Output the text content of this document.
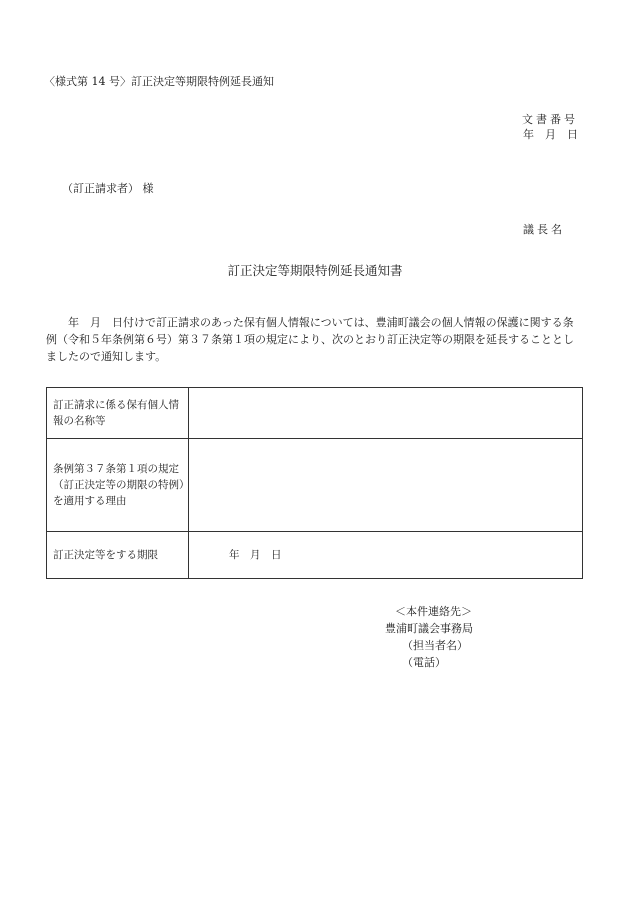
〈様式第 14 号〉訂正決定等期限特例延長通知
文書番号
年　月　日
（訂正請求者） 様
議長名
訂正決定等期限特例延長通知書
年　月　日付けで訂正請求のあった保有個人情報については、豊浦町議会の個人情報の保護に関する条例（令和５年条例第６号）第３７条第１項の規定により、次のとおり訂正決定等の期限を延長することとしましたので通知します。
訂正請求に係る保有個人情報の名称等	
条例第３７条第１項の規定（訂正決定等の期限の特例）を適用する理由	
訂正決定等をする期限	年　月　日
＜本件連絡先＞
豊浦町議会事務局
（担当者名）
（電話）
